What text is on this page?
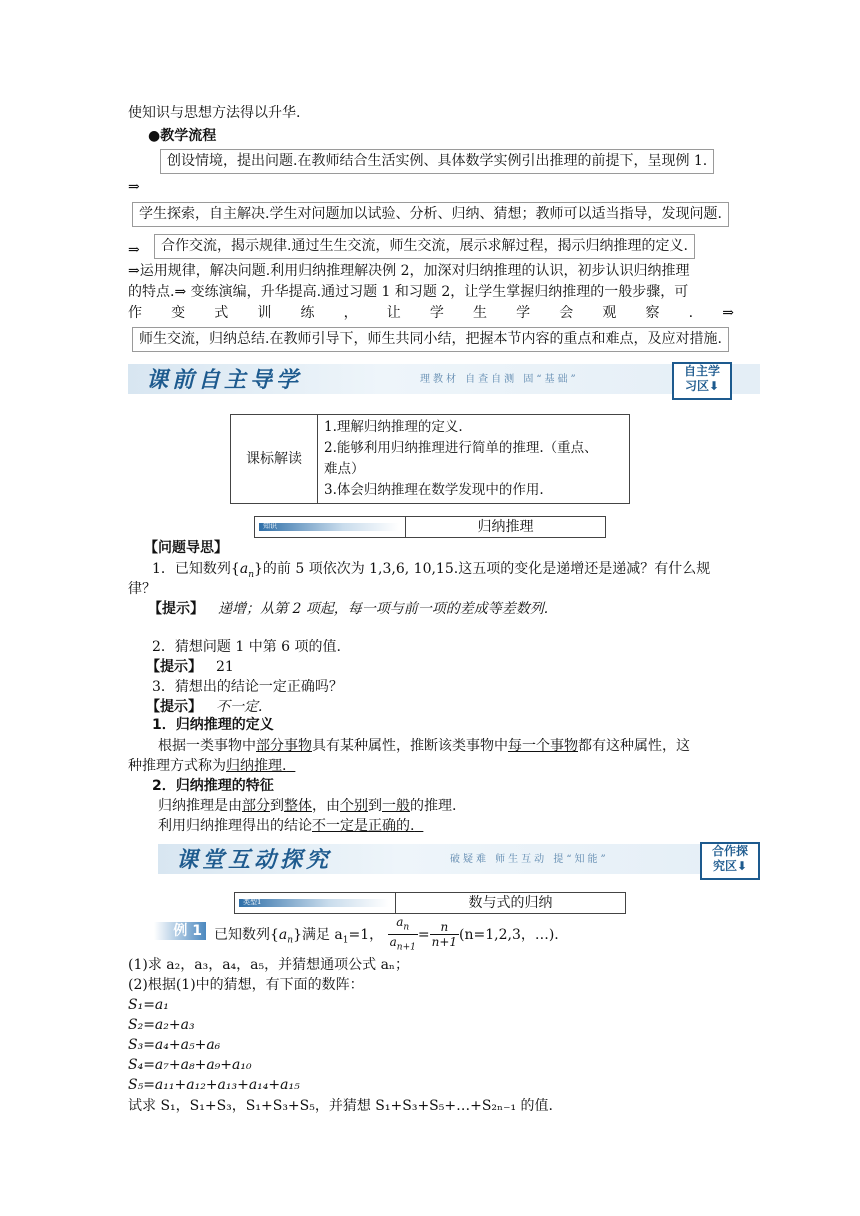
使知识与思想方法得以升华.
●教学流程
创设情境，提出问题.在教师结合生活实例、具体数学实例引出推理的前提下，呈现例 1.
⇒
学生探索，自主解决.学生对问题加以试验、分析、归纳、猜想；教师可以适当指导，发现问题.
⇒	合作交流，揭示规律.通过生生交流，师生交流，展示求解过程，揭示归纳推理的定义.
⇒运用规律，解决问题.利用归纳推理解决例 2，加深对归纳推理的认识，初步认识归纳推理
的特点.⇒ 变练演编，升华提高.通过习题 1 和习题 2，让学生掌握归纳推理的一般步骤，可
作 变 式 训 练 ， 让 学 生 学 会 观 察 . ⇒
师生交流，归纳总结.在教师引导下，师生共同小结，把握本节内容的重点和难点，及应对措施.
课前自主导学	理教材 自查自测 固“基础”
自主学
习区⬇
课标解读	
1.理解归纳推理的定义.
2.能够利用归纳推理进行简单的推理.（重点、
难点）
3.体会归纳推理在数学发现中的作用.
知识	归纳推理
【问题导思】
1．已知数列$\{a_n\}$的前 5 项依次为 1,3,6, 10,15.这五项的变化是递增还是递减？有什么规
律？
【提示】 递增；从第 2 项起，每一项与前一项的差成等差数列.
2．猜想问题 1 中第 6 项的值.
【提示】 21
3．猜想出的结论一定正确吗？
【提示】 不一定.
1．归纳推理的定义
根据一类事物中部分事物具有某种属性，推断该类事物中每一个事物都有这种属性，这
种推理方式称为归纳推理.
2．归纳推理的特征
归纳推理是由部分到整体，由个别到一般的推理.
利用归纳推理得出的结论不一定是正确的.
课堂互动探究	破疑难 师生互动 提“知能”
合作探
究区⬇
类型1	数与式的归纳
例 1 已知数列$\{a_n\}$满足 $a_1=1$， $\frac{a_n}{a_{n+1}} = \frac{n}{n+1} (n=1,2,3$，…).
(1)求 a₂，a₃，a₄，a₅，并猜想通项公式 aₙ；
(2)根据(1)中的猜想，有下面的数阵：
S₁=a₁
S₂=a₂+a₃
S₃=a₄+a₅+a₆
S₄=a₇+a₈+a₉+a₁₀
S₅=a₁₁+a₁₂+a₁₃+a₁₄+a₁₅
试求 S₁，S₁+S₃，S₁+S₃+S₅，并猜想 S₁+S₃+S₅+…+S₂ₙ₋₁ 的值.
